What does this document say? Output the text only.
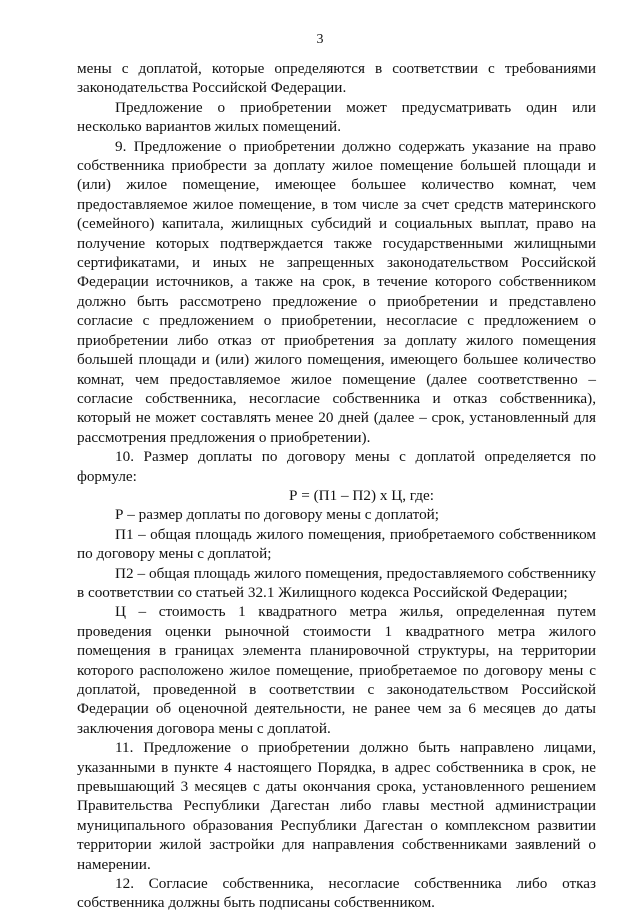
3

мены с доплатой, которые определяются в соответствии с требованиями законодательства Российской Федерации.

Предложение о приобретении может предусматривать один или несколько вариантов жилых помещений.

9. Предложение о приобретении должно содержать указание на право собственника приобрести за доплату жилое помещение большей площади и (или) жилое помещение, имеющее большее количество комнат, чем предоставляемое жилое помещение, в том числе за счет средств материнского (семейного) капитала, жилищных субсидий и социальных выплат, право на получение которых подтверждается также государственными жилищными сертификатами, и иных не запрещенных законодательством Российской Федерации источников, а также на срок, в течение которого собственником должно быть рассмотрено предложение о приобретении и представлено согласие с предложением о приобретении, несогласие с предложением о приобретении либо отказ от приобретения за доплату жилого помещения большей площади и (или) жилого помещения, имеющего большее количество комнат, чем предоставляемое жилое помещение (далее соответственно – согласие собственника, несогласие собственника и отказ собственника), который не может составлять менее 20 дней (далее – срок, установленный для рассмотрения предложения о приобретении).

10. Размер доплаты по договору мены с доплатой определяется по формуле:

Р = (П1 – П2) x Ц, где:

Р – размер доплаты по договору мены с доплатой;

П1 – общая площадь жилого помещения, приобретаемого собственником по договору мены с доплатой;

П2 – общая площадь жилого помещения, предоставляемого собственнику в соответствии со статьей 32.1 Жилищного кодекса Российской Федерации;

Ц – стоимость 1 квадратного метра жилья, определенная путем проведения оценки рыночной стоимости 1 квадратного метра жилого помещения в границах элемента планировочной структуры, на территории которого расположено жилое помещение, приобретаемое по договору мены с доплатой, проведенной в соответствии с законодательством Российской Федерации об оценочной деятельности, не ранее чем за 6 месяцев до даты заключения договора мены с доплатой.

11. Предложение о приобретении должно быть направлено лицами, указанными в пункте 4 настоящего Порядка, в адрес собственника в срок, не превышающий 3 месяцев с даты окончания срока, установленного решением Правительства Республики Дагестан либо главы местной администрации муниципального образования Республики Дагестан о комплексном развитии территории жилой застройки для направления собственниками заявлений о намерении.

12. Согласие собственника, несогласие собственника либо отказ собственника должны быть подписаны собственником.
